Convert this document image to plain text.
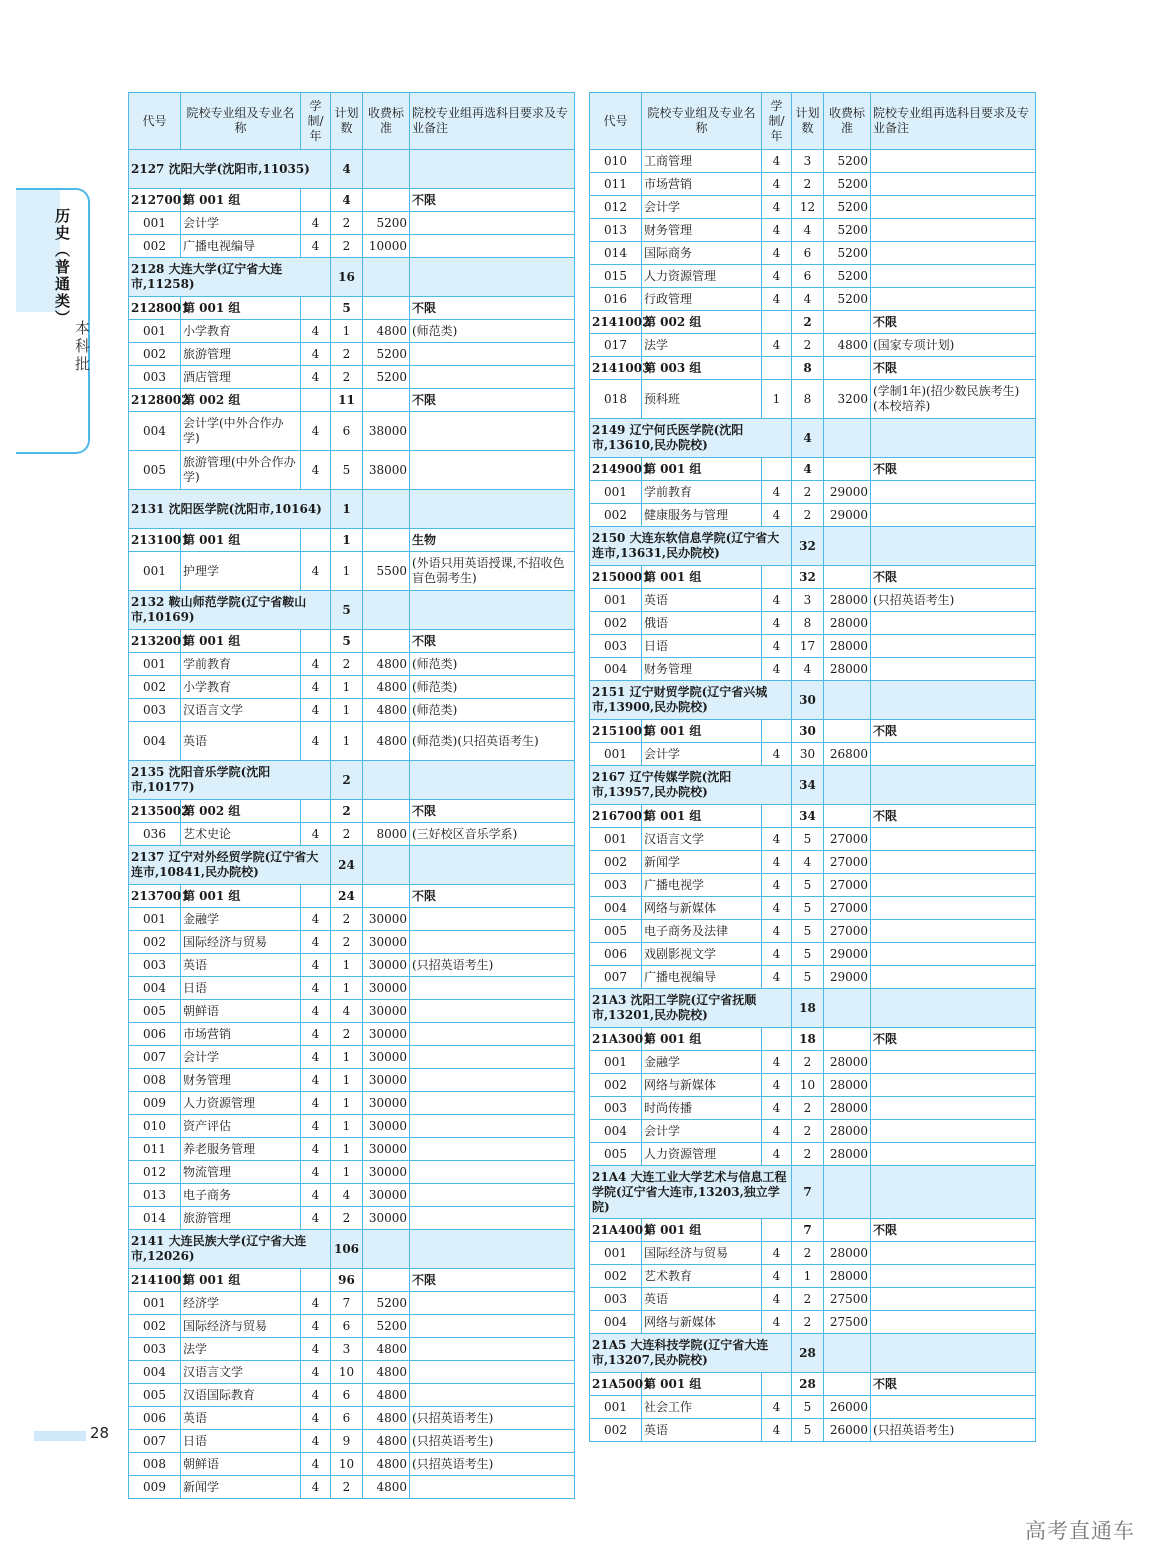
历史（普通类）
本科批
代号	院校专业组及专业名称	学制/年	计划数	收费标准	院校专业组再选科目要求及专业备注
2127 沈阳大学(沈阳市,11035)			4		
2127001	第 001 组		4		不限
001	会计学	4	2	5200	
002	广播电视编导	4	2	10000	
2128 大连大学(辽宁省大连市,11258)			16		
2128001	第 001 组		5		不限
001	小学教育	4	1	4800	(师范类)
002	旅游管理	4	2	5200	
003	酒店管理	4	2	5200	
2128002	第 002 组		11		不限
004	会计学(中外合作办学)	4	6	38000	
005	旅游管理(中外合作办学)	4	5	38000	
2131 沈阳医学院(沈阳市,10164)			1		
2131001	第 001 组		1		生物
001	护理学	4	1	5500	(外语只用英语授课,不招收色盲色弱考生)
2132 鞍山师范学院(辽宁省鞍山市,10169)			5		
2132001	第 001 组		5		不限
001	学前教育	4	2	4800	(师范类)
002	小学教育	4	1	4800	(师范类)
003	汉语言文学	4	1	4800	(师范类)
004	英语	4	1	4800	(师范类)(只招英语考生)
2135 沈阳音乐学院(沈阳市,10177)			2		
2135002	第 002 组		2		不限
036	艺术史论	4	2	8000	(三好校区音乐学系)
2137 辽宁对外经贸学院(辽宁省大连市,10841,民办院校)			24		
2137001	第 001 组		24		不限
001	金融学	4	2	30000	
002	国际经济与贸易	4	2	30000	
003	英语	4	1	30000	(只招英语考生)
004	日语	4	1	30000	
005	朝鲜语	4	4	30000	
006	市场营销	4	2	30000	
007	会计学	4	1	30000	
008	财务管理	4	1	30000	
009	人力资源管理	4	1	30000	
010	资产评估	4	1	30000	
011	养老服务管理	4	1	30000	
012	物流管理	4	1	30000	
013	电子商务	4	4	30000	
014	旅游管理	4	2	30000	
2141 大连民族大学(辽宁省大连市,12026)			106		
2141001	第 001 组		96		不限
001	经济学	4	7	5200	
002	国际经济与贸易	4	6	5200	
003	法学	4	3	4800	
004	汉语言文学	4	10	4800	
005	汉语国际教育	4	6	4800	
006	英语	4	6	4800	(只招英语考生)
007	日语	4	9	4800	(只招英语考生)
008	朝鲜语	4	10	4800	(只招英语考生)
009	新闻学	4	2	4800	
代号	院校专业组及专业名称	学制/年	计划数	收费标准	院校专业组再选科目要求及专业备注
010	工商管理	4	3	5200	
011	市场营销	4	2	5200	
012	会计学	4	12	5200	
013	财务管理	4	4	5200	
014	国际商务	4	6	5200	
015	人力资源管理	4	6	5200	
016	行政管理	4	4	5200	
2141002	第 002 组		2		不限
017	法学	4	2	4800	(国家专项计划)
2141003	第 003 组		8		不限
018	预科班	1	8	3200	(学制1年)(招少数民族考生)(本校培养)
2149 辽宁何氏医学院(沈阳市,13610,民办院校)			4		
2149001	第 001 组		4		不限
001	学前教育	4	2	29000	
002	健康服务与管理	4	2	29000	
2150 大连东软信息学院(辽宁省大连市,13631,民办院校)			32		
2150001	第 001 组		32		不限
001	英语	4	3	28000	(只招英语考生)
002	俄语	4	8	28000	
003	日语	4	17	28000	
004	财务管理	4	4	28000	
2151 辽宁财贸学院(辽宁省兴城市,13900,民办院校)			30		
2151001	第 001 组		30		不限
001	会计学	4	30	26800	
2167 辽宁传媒学院(沈阳市,13957,民办院校)			34		
2167001	第 001 组		34		不限
001	汉语言文学	4	5	27000	
002	新闻学	4	4	27000	
003	广播电视学	4	5	27000	
004	网络与新媒体	4	5	27000	
005	电子商务及法律	4	5	27000	
006	戏剧影视文学	4	5	29000	
007	广播电视编导	4	5	29000	
21A3 沈阳工学院(辽宁省抚顺市,13201,民办院校)			18		
21A3001	第 001 组		18		不限
001	金融学	4	2	28000	
002	网络与新媒体	4	10	28000	
003	时尚传播	4	2	28000	
004	会计学	4	2	28000	
005	人力资源管理	4	2	28000	
21A4 大连工业大学艺术与信息工程学院(辽宁省大连市,13203,独立学院)			7		
21A4001	第 001 组		7		不限
001	国际经济与贸易	4	2	28000	
002	艺术教育	4	1	28000	
003	英语	4	2	27500	
004	网络与新媒体	4	2	27500	
21A5 大连科技学院(辽宁省大连市,13207,民办院校)			28		
21A5001	第 001 组		28		不限
001	社会工作	4	5	26000	
002	英语	4	5	26000	(只招英语考生)
28
高考直通车
